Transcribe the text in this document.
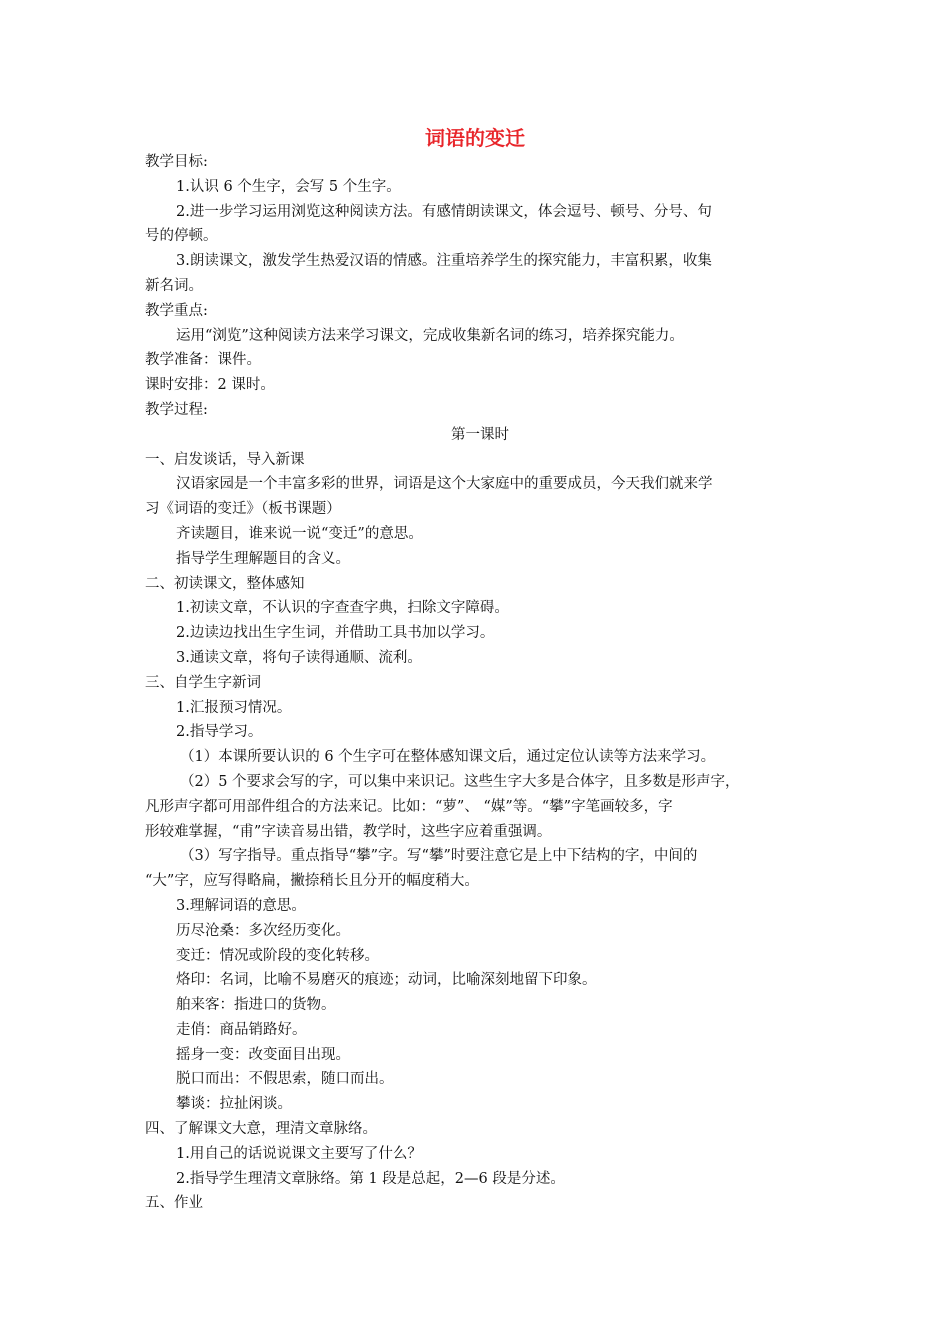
词语的变迁
教学目标:
1.认识 6 个生字，会写 5 个生字。
2.进一步学习运用浏览这种阅读方法。有感情朗读课文，体会逗号、顿号、分号、句
号的停顿。
3.朗读课文，激发学生热爱汉语的情感。注重培养学生的探究能力，丰富积累，收集
新名词。
教学重点:
运用“浏览”这种阅读方法来学习课文，完成收集新名词的练习，培养探究能力。
教学准备：课件。
课时安排：2 课时。
教学过程:
第一课时
一、启发谈话，导入新课
汉语家园是一个丰富多彩的世界，词语是这个大家庭中的重要成员，今天我们就来学
习《词语的变迁》（板书课题）
齐读题目，谁来说一说“变迁”的意思。
指导学生理解题目的含义。
二、初读课文，整体感知
1.初读文章，不认识的字查查字典，扫除文字障碍。
2.边读边找出生字生词，并借助工具书加以学习。
3.通读文章，将句子读得通顺、流利。
三、自学生字新词
1.汇报预习情况。
2.指导学习。
（1）本课所要认识的 6 个生字可在整体感知课文后，通过定位认读等方法来学习。
（2）5 个要求会写的字，可以集中来识记。这些生字大多是合体字，且多数是形声字，
凡形声字都可用部件组合的方法来记。比如：“萝”、 “媒”等。“攀”字笔画较多，字
形较难掌握，“甫”字读音易出错，教学时，这些字应着重强调。
（3）写字指导。重点指导“攀”字。写“攀”时要注意它是上中下结构的字，中间的
“大”字，应写得略扁，撇捺稍长且分开的幅度稍大。
3.理解词语的意思。
历尽沧桑：多次经历变化。
变迁：情况或阶段的变化转移。
烙印：名词，比喻不易磨灭的痕迹；动词，比喻深刻地留下印象。
舶来客：指进口的货物。
走俏：商品销路好。
摇身一变：改变面目出现。
脱口而出：不假思索，随口而出。
攀谈：拉扯闲谈。
四、了解课文大意，理清文章脉络。
1.用自己的话说说课文主要写了什么？
2.指导学生理清文章脉络。第 1 段是总起，2—6 段是分述。
五、作业
